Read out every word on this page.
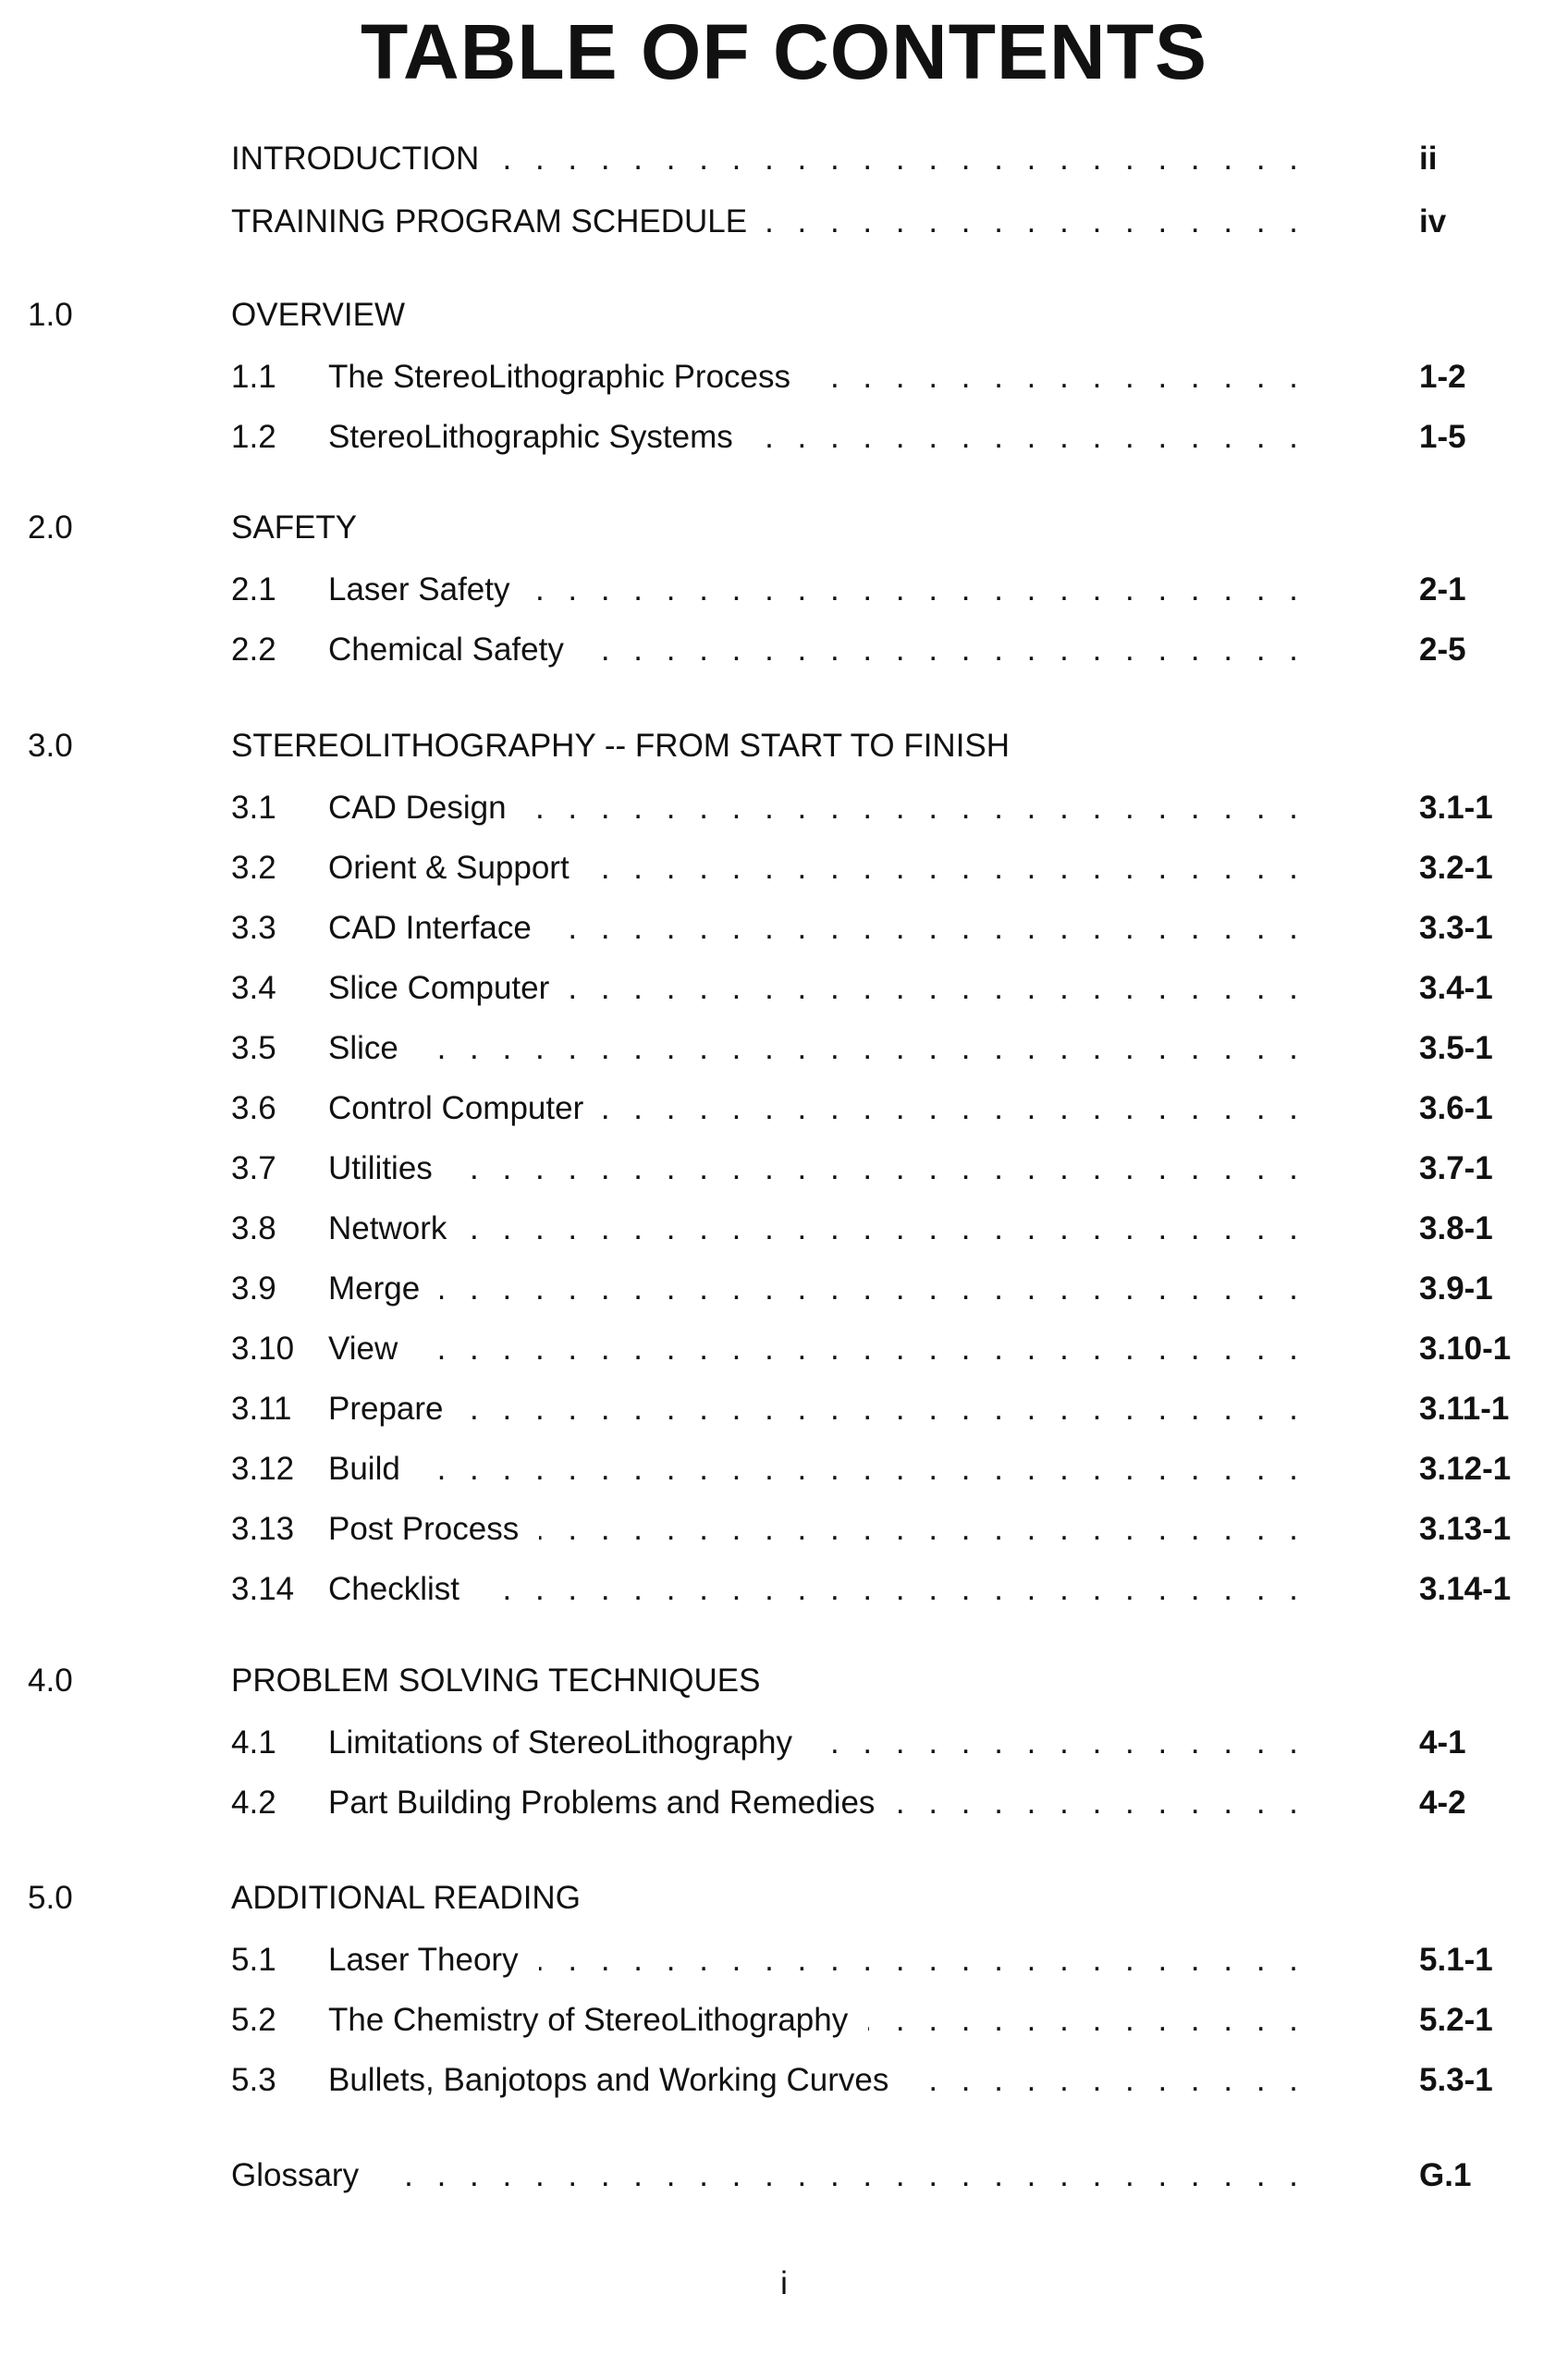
TABLE OF CONTENTS
INTRODUCTION	. . . . . . . . . . . . . . . . . . . . . . . . .	ii
TRAINING PROGRAM SCHEDULE	. . . . . . . . . . . . . . . .	iv
1.0	OVERVIEW
1.1 The StereoLithographic Process	. . . . . . . . . . . . . . .	1-2
1.2 StereoLithographic Systems	. . . . . . . . . . . . . . . . .	1-5
2.0	SAFETY
2.1 Laser Safety	. . . . . . . . . . . . . . . . . . . . . . . .	2-1
2.2 Chemical Safety	. . . . . . . . . . . . . . . . . . . . . .	2-5
3.0	STEREOLITHOGRAPHY -- FROM START TO FINISH
3.1 CAD Design	. . . . . . . . . . . . . . . . . . . . . . . .	3.1-1
3.2 Orient & Support	. . . . . . . . . . . . . . . . . . . . . .	3.2-1
3.3 CAD Interface	. . . . . . . . . . . . . . . . . . . . . . .	3.3-1
3.4 Slice Computer	. . . . . . . . . . . . . . . . . . . . . . .	3.4-1
3.5 Slice	. . . . . . . . . . . . . . . . . . . . . . . . . . .	3.5-1
3.6 Control Computer	. . . . . . . . . . . . . . . . . . . . .	3.6-1
3.7 Utilities	. . . . . . . . . . . . . . . . . . . . . . . . . .	3.7-1
3.8 Network	. . . . . . . . . . . . . . . . . . . . . . . . . .	3.8-1
3.9 Merge	. . . . . . . . . . . . . . . . . . . . . . . . . .	3.9-1
3.10 View	. . . . . . . . . . . . . . . . . . . . . . . . . . .	3.10-1
3.11 Prepare	. . . . . . . . . . . . . . . . . . . . . . . . . .	3.11-1
3.12 Build	. . . . . . . . . . . . . . . . . . . . . . . . . . .	3.12-1
3.13 Post Process	. . . . . . . . . . . . . . . . . . . . . . .	3.13-1
3.14 Checklist	. . . . . . . . . . . . . . . . . . . . . . . . .	3.14-1
4.0	PROBLEM SOLVING TECHNIQUES
4.1 Limitations of StereoLithography	. . . . . . . . . . . . . . .	4-1
4.2 Part Building Problems and Remedies	. . . . . . . . . . . . .	4-2
5.0	ADDITIONAL READING
5.1 Laser Theory	. . . . . . . . . . . . . . . . . . . . . . .	5.1-1
5.2 The Chemistry of StereoLithography	. . . . . . . . . . . . .	5.2-1
5.3 Bullets, Banjotops and Working Curves	. . . . . . . . . . . .	5.3-1
Glossary	. . . . . . . . . . . . . . . . . . . . . . . . . . . .	G.1
i
